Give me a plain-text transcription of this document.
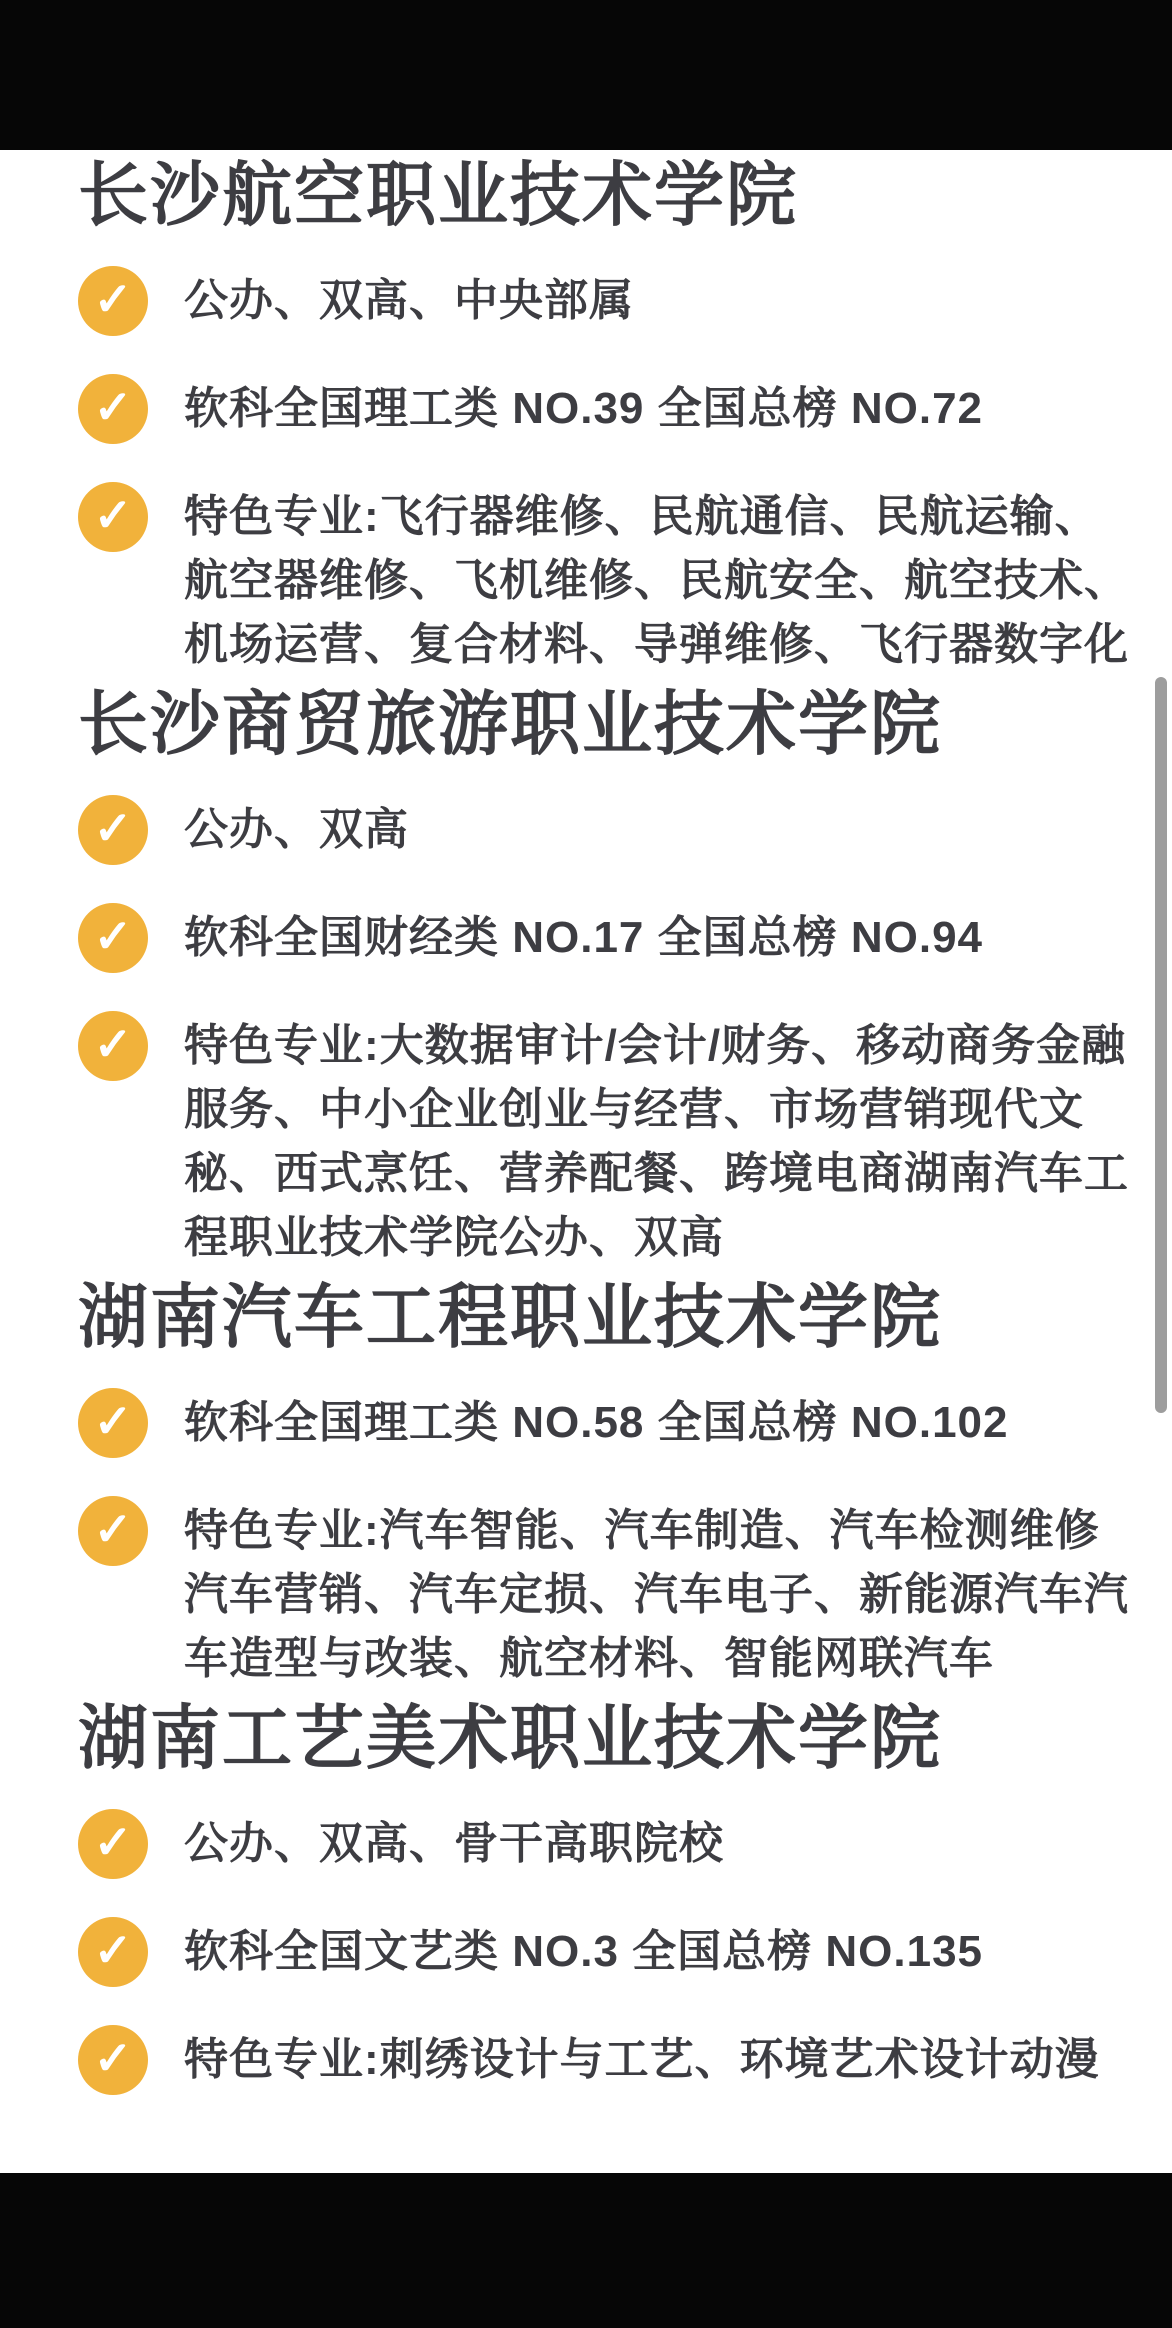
长沙航空职业技术学院
✓ 公办、双高、中央部属
✓ 软科全国理工类 NO.39 全国总榜 NO.72
✓ 特色专业:飞行器维修、民航通信、民航运输、航空器维修、飞机维修、民航安全、航空技术、机场运营、复合材料、导弹维修、飞行器数字化
长沙商贸旅游职业技术学院
✓ 公办、双高
✓ 软科全国财经类 NO.17 全国总榜 NO.94
✓ 特色专业:大数据审计/会计/财务、移动商务金融服务、中小企业创业与经营、市场营销现代文秘、西式烹饪、营养配餐、跨境电商湖南汽车工程职业技术学院公办、双高
湖南汽车工程职业技术学院
✓ 软科全国理工类 NO.58 全国总榜 NO.102
✓ 特色专业:汽车智能、汽车制造、汽车检测维修汽车营销、汽车定损、汽车电子、新能源汽车汽车造型与改装、航空材料、智能网联汽车
湖南工艺美术职业技术学院
✓ 公办、双高、骨干高职院校
✓ 软科全国文艺类 NO.3 全国总榜 NO.135
✓ 特色专业:刺绣设计与工艺、环境艺术设计动漫
